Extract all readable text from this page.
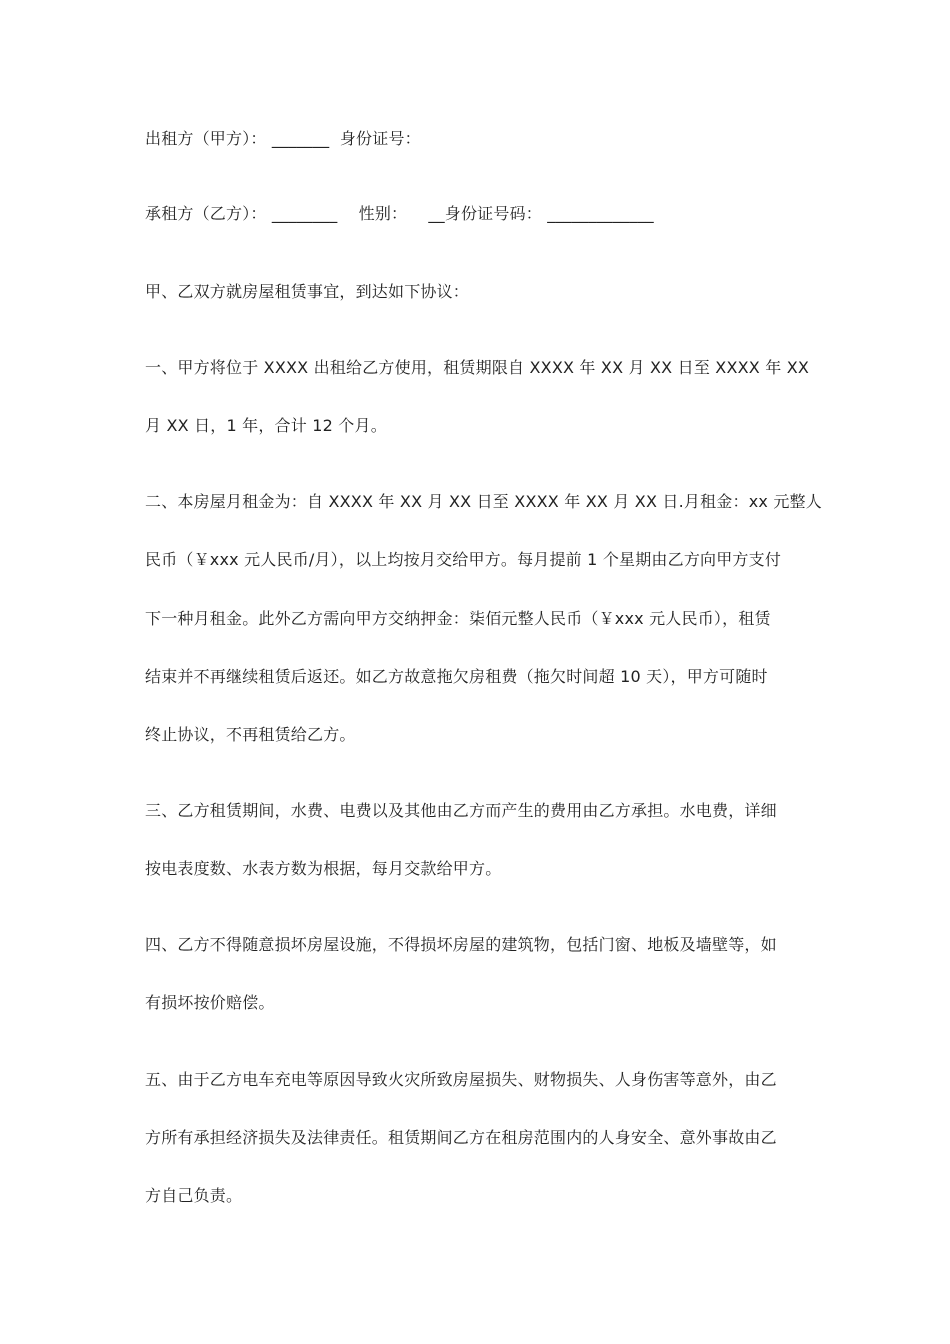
出租方（甲方）： _______  身份证号：
承租方（乙方）： ________    性别：    __身份证号码： _____________
甲、乙双方就房屋租赁事宜，到达如下协议：
一、甲方将位于 XXXX 出租给乙方使用，租赁期限自 XXXX 年 XX 月 XX 日至 XXXX 年 XX
月 XX 日，1 年，合计 12 个月。
二、本房屋月租金为：自 XXXX 年 XX 月 XX 日至 XXXX 年 XX 月 XX 日.月租金：xx 元整人
民币（￥xxx 元人民币/月），以上均按月交给甲方。每月提前 1 个星期由乙方向甲方支付
下一种月租金。此外乙方需向甲方交纳押金：柒佰元整人民币（￥xxx 元人民币），租赁
结束并不再继续租赁后返还。如乙方故意拖欠房租费（拖欠时间超 10 天），甲方可随时
终止协议，不再租赁给乙方。
三、乙方租赁期间，水费、电费以及其他由乙方而产生的费用由乙方承担。水电费，详细
按电表度数、水表方数为根据，每月交款给甲方。
四、乙方不得随意损坏房屋设施，不得损坏房屋的建筑物，包括门窗、地板及墙壁等，如
有损坏按价赔偿。
五、由于乙方电车充电等原因导致火灾所致房屋损失、财物损失、人身伤害等意外，由乙
方所有承担经济损失及法律责任。租赁期间乙方在租房范围内的人身安全、意外事故由乙
方自己负责。
